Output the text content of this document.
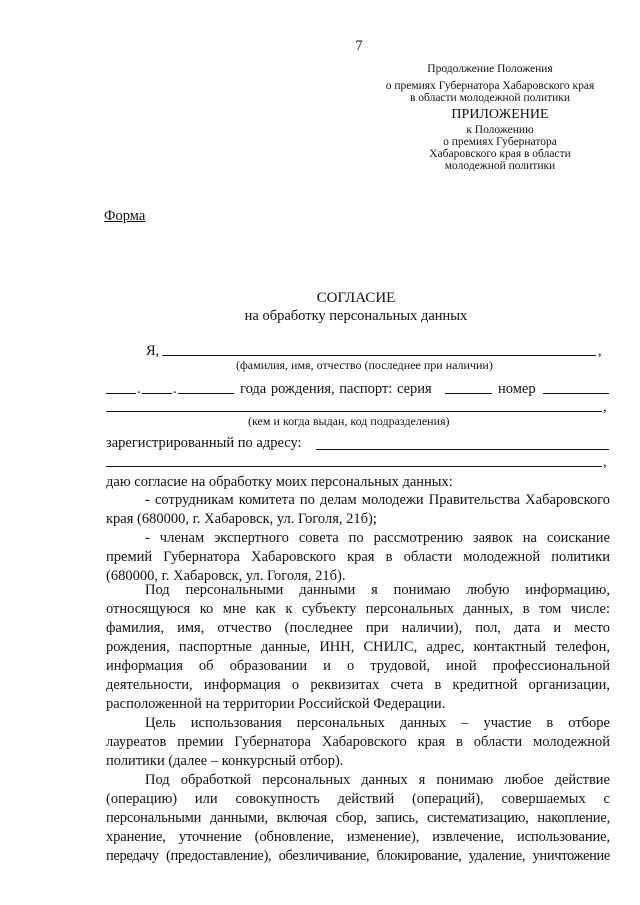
7
Продолжение Положения
о премиях Губернатора Хабаровского края
в области молодежной политики
ПРИЛОЖЕНИЕ
к Положению
о премиях Губернатора
Хабаровского края в области
молодежной политики
Форма
СОГЛАСИЕ
на обработку персональных данных
Я,	,
(фамилия, имя, отчество (последнее при наличии)
. .	года рождения, паспорт: серия	номер
,
(кем и когда выдан, код подразделения)
зарегистрированный по адресу:
,
даю согласие на обработку моих персональных данных:
- сотрудникам комитета по делам молодежи Правительства Хабаровского
края (680000, г. Хабаровск, ул. Гоголя, 21б);
- членам экспертного совета по рассмотрению заявок на соискание
премий Губернатора Хабаровского края в области молодежной политики
(680000, г. Хабаровск, ул. Гоголя, 21б).
Под персональными данными я понимаю любую информацию,
относящуюся ко мне как к субъекту персональных данных, в том числе:
фамилия, имя, отчество (последнее при наличии), пол, дата и место
рождения, паспортные данные, ИНН, СНИЛС, адрес, контактный телефон,
информация об образовании и о трудовой, иной профессиональной
деятельности, информация о реквизитах счета в кредитной организации,
расположенной на территории Российской Федерации.
Цель использования персональных данных – участие в отборе
лауреатов премии Губернатора Хабаровского края в области молодежной
политики (далее – конкурсный отбор).
Под обработкой персональных данных я понимаю любое действие
(операцию) или совокупность действий (операций), совершаемых с
персональными данными, включая сбор, запись, систематизацию, накопление,
хранение, уточнение (обновление, изменение), извлечение, использование,
передачу (предоставление), обезличивание, блокирование, удаление, уничтожение
